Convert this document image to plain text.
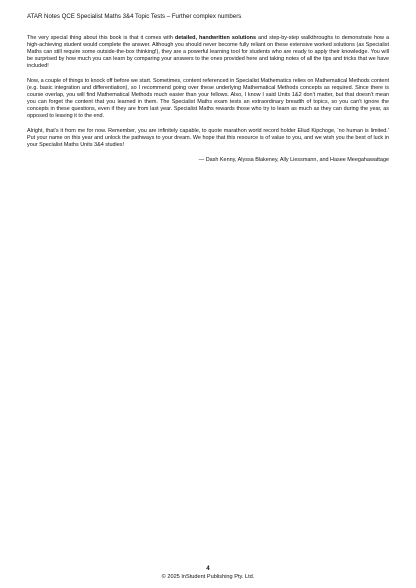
ATAR Notes QCE Specialist Maths 3&4 Topic Tests – Further complex numbers

The very special thing about this book is that it comes with detailed, handwritten solutions and step-by-step walkthroughs to demonstrate how a high-achieving student would complete the answer. Although you should never become fully reliant on these extensive worked solutions (as Specialist Maths can still require some outside-the-box thinking!), they are a powerful learning tool for students who are ready to apply their knowledge. You will be surprised by how much you can learn by comparing your answers to the ones provided here and taking notes of all the tips and tricks that we have included!

Now, a couple of things to knock off before we start. Sometimes, content referenced in Specialist Mathematics relies on Mathematical Methods content (e.g. basic integration and differentiation), so I recommend going over these underlying Mathematical Methods concepts as required. Since there is course overlap, you will find Mathematical Methods much easier than your fellows. Also, I know I said Units 1&2 don’t matter, but that doesn’t mean you can forget the content that you learned in them. The Specialist Maths exam tests an extraordinary breadth of topics, so you can’t ignore the concepts in these questions, even if they are from last year. Specialist Maths rewards those who try to learn as much as they can during the year, as opposed to leaving it to the end.

Alright, that’s it from me for now. Remember, you are infinitely capable, to quote marathon world record holder Eliud Kipchoge, ‘no human is limited.’ Put your name on this year and unlock the pathways to your dream. We hope that this resource is of value to you, and we wish you the best of luck in your Specialist Maths Units 3&4 studies!

— Dash Kenny, Alyssa Blakeney, Ally Liessmann, and Hasee Meegahawattage

4
© 2025 InStudent Publishing Pty. Ltd.
